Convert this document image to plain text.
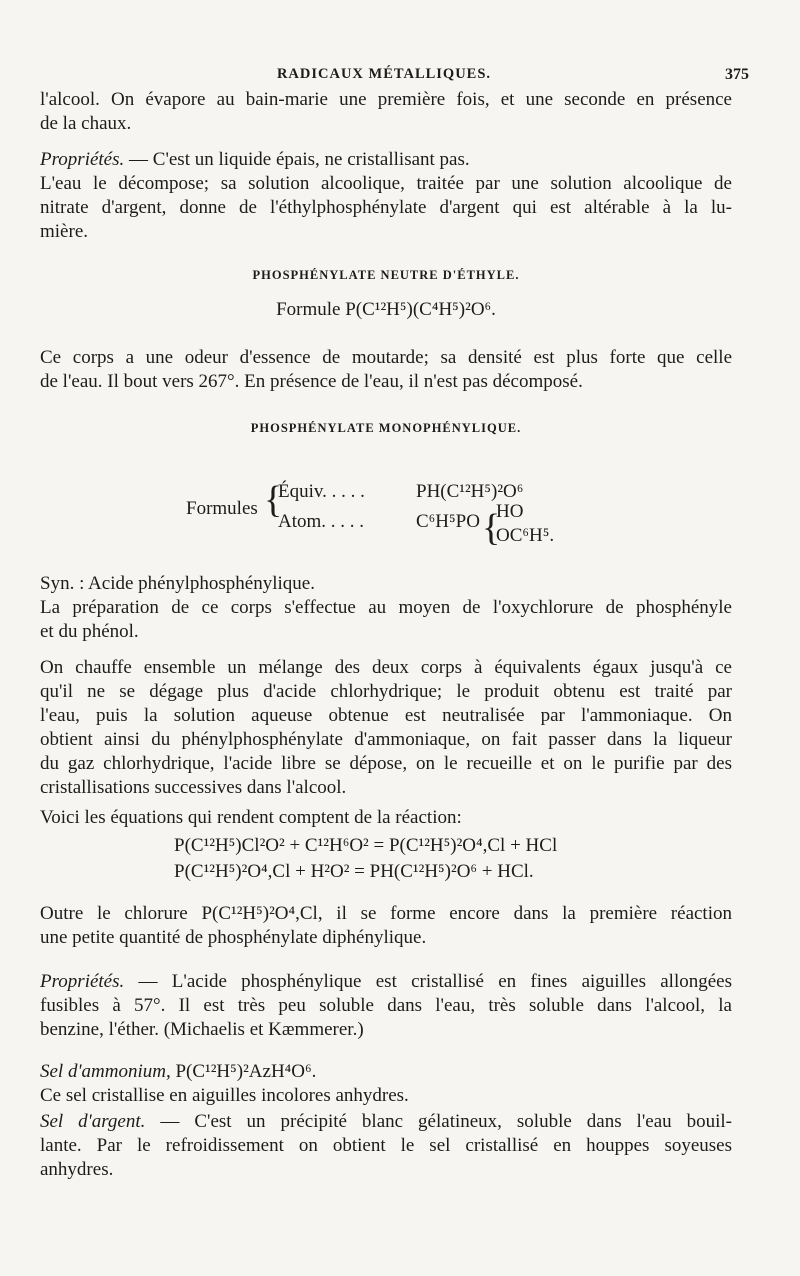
RADICAUX MÉTALLIQUES.	375
l'alcool. On évapore au bain-marie une première fois, et une seconde en présence
de la chaux.
Propriétés. — C'est un liquide épais, ne cristallisant pas.
L'eau le décompose; sa solution alcoolique, traitée par une solution alcoolique de
nitrate d'argent, donne de l'éthylphosphénylate d'argent qui est altérable à la lu-
mière.
PHOSPHÉNYLATE NEUTRE D'ÉTHYLE.
Formule P(C¹²H⁵)(C⁴H⁵)²O⁶.
Ce corps a une odeur d'essence de moutarde; sa densité est plus forte que celle
de l'eau. Il bout vers 267°. En présence de l'eau, il n'est pas décomposé.
PHOSPHÉNYLATE MONOPHÉNYLIQUE.
Formules {
Équiv. . . . .	PH(C¹²H⁵)²O⁶
Atom. . . . .	C⁶H⁵PO {
HO
OC⁶H⁵.
Syn. : Acide phénylphosphénylique.
La préparation de ce corps s'effectue au moyen de l'oxychlorure de phosphényle
et du phénol.
On chauffe ensemble un mélange des deux corps à équivalents égaux jusqu'à ce
qu'il ne se dégage plus d'acide chlorhydrique; le produit obtenu est traité par
l'eau, puis la solution aqueuse obtenue est neutralisée par l'ammoniaque. On
obtient ainsi du phénylphosphénylate d'ammoniaque, on fait passer dans la liqueur
du gaz chlorhydrique, l'acide libre se dépose, on le recueille et on le purifie par des
cristallisations successives dans l'alcool.
Voici les équations qui rendent comptent de la réaction:
P(C¹²H⁵)Cl²O² + C¹²H⁶O² = P(C¹²H⁵)²O⁴,Cl + HCl
P(C¹²H⁵)²O⁴,Cl + H²O² = PH(C¹²H⁵)²O⁶ + HCl.
Outre le chlorure P(C¹²H⁵)²O⁴,Cl, il se forme encore dans la première réaction
une petite quantité de phosphénylate diphénylique.
Propriétés. — L'acide phosphénylique est cristallisé en fines aiguilles allongées
fusibles à 57°. Il est très peu soluble dans l'eau, très soluble dans l'alcool, la
benzine, l'éther. (Michaelis et Kæmmerer.)
Sel d'ammonium, P(C¹²H⁵)²AzH⁴O⁶.
Ce sel cristallise en aiguilles incolores anhydres.
Sel d'argent. — C'est un précipité blanc gélatineux, soluble dans l'eau bouil-
lante. Par le refroidissement on obtient le sel cristallisé en houppes soyeuses
anhydres.
